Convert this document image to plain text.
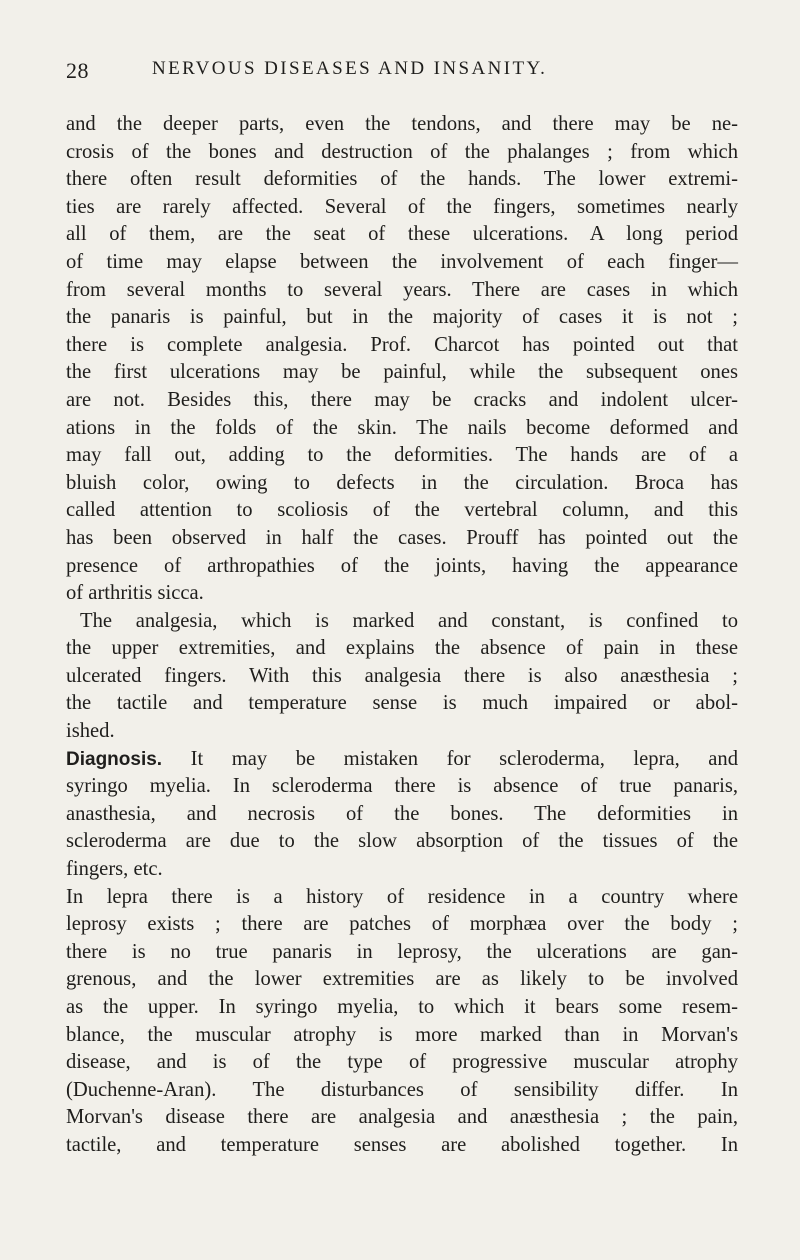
28	NERVOUS DISEASES AND INSANITY.
and the deeper parts, even the tendons, and there may be ne-
crosis of the bones and destruction of the phalanges ; from which
there often result deformities of the hands. The lower extremi-
ties are rarely affected. Several of the fingers, sometimes nearly
all of them, are the seat of these ulcerations. A long period
of time may elapse between the involvement of each finger—
from several months to several years. There are cases in which
the panaris is painful, but in the majority of cases it is not ;
there is complete analgesia. Prof. Charcot has pointed out that
the first ulcerations may be painful, while the subsequent ones
are not. Besides this, there may be cracks and indolent ulcer-
ations in the folds of the skin. The nails become deformed and
may fall out, adding to the deformities. The hands are of a
bluish color, owing to defects in the circulation. Broca has
called attention to scoliosis of the vertebral column, and this
has been observed in half the cases. Prouff has pointed out the
presence of arthropathies of the joints, having the appearance
of arthritis sicca.
The analgesia, which is marked and constant, is confined to
the upper extremities, and explains the absence of pain in these
ulcerated fingers. With this analgesia there is also anæsthesia ;
the tactile and temperature sense is much impaired or abol-
ished.
Diagnosis. It may be mistaken for scleroderma, lepra, and
syringo myelia. In scleroderma there is absence of true panaris,
anasthesia, and necrosis of the bones. The deformities in
scleroderma are due to the slow absorption of the tissues of the
fingers, etc.
In lepra there is a history of residence in a country where
leprosy exists ; there are patches of morphæa over the body ;
there is no true panaris in leprosy, the ulcerations are gan-
grenous, and the lower extremities are as likely to be involved
as the upper. In syringo myelia, to which it bears some resem-
blance, the muscular atrophy is more marked than in Morvan's
disease, and is of the type of progressive muscular atrophy
(Duchenne-Aran). The disturbances of sensibility differ. In
Morvan's disease there are analgesia and anæsthesia ; the pain,
tactile, and temperature senses are abolished together. In
